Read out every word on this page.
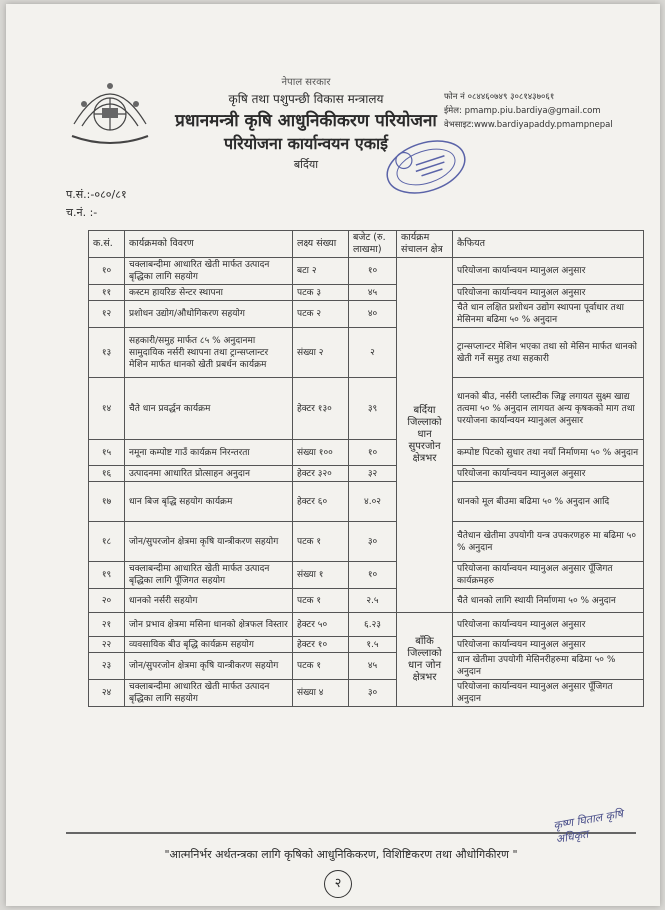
नेपाल सरकार
कृषि तथा पशुपन्छी विकास मन्त्रालय
प्रधानमन्त्री कृषि आधुनिकीकरण परियोजना
परियोजना कार्यान्वयन एकाई
बर्दिया
फोन नं ०८४४६०७४९ ३०८१४३७०६१
ईमेल: pmamp.piu.bardiya@gmail.com
वेभसाइट:www.bardiyapaddy.pmampnepal
प.सं.:-०८०/८१
च.नं. :-
क.सं.	कार्यक्रमको विवरण	लक्ष्य संख्या	बजेट (रु. लाखमा)	कार्यक्रम संचालन क्षेत्र	कैफियत
१०	चक्लाबन्दीमा आधारित खेती मार्फत उत्पादन बृद्धिका लागि सहयोग	बटा २	१०	बर्दिया जिल्लाको धान सुपरजोन क्षेत्रभर	परियोजना कार्यान्वयन म्यानुअल अनुसार
११	कस्टम हायरिङ सेन्टर स्थापना	पटक ३	४५		परियोजना कार्यान्वयन म्यानुअल अनुसार
१२	प्रशोधन उद्योग/औधोगिकरण सहयोग	पटक २	४०		चैते धान लक्षित प्रशोधन उद्योग स्थापना पूर्वाधार तथा मेसिनमा बढिमा ५० % अनुदान
१३	सहकारी/समुह मार्फत ८५ % अनुदानमा सामुदायिक नर्सरी स्थापना तथा ट्रान्सप्लान्टर मेशिन मार्फत धानको खेती प्रबर्धन कार्यक्रम	संख्या २	२		ट्रान्सप्लान्टर मेशिन भएका तथा सो मेसिन मार्फत धानको खेती गर्ने समुह तथा सहकारी
१४	चैते धान प्रवर्द्धन कार्यक्रम	हेक्टर १३०	३९		धानको बीउ, नर्सरी प्लास्टीक जिङ्क लगायत सुक्ष्म खाद्य तत्वमा ५० % अनुदान लागयत अन्य कृषकको माग तथा परयोजना कार्यान्वयन म्यानुअल अनुसार
१५	नमूना कम्पोष्ट गाउँ कार्यक्रम निरन्तरता	संख्या १००	१०		कम्पोष्ट पिटको सुधार तथा नयाँ निर्माणमा ५० % अनुदान
१६	उत्पादनमा आधारित प्रोत्साहन अनुदान	हेक्टर ३२०	३२		परियोजना कार्यान्वयन म्यानुअल अनुसार
१७	धान बिज बृद्धि सहयोग कार्यक्रम	हेक्टर ६०	४.०२		धानको मूल बीउमा बढिमा ५० % अनुदान आदि
१८	जोन/सुपरजोन क्षेत्रमा कृषि यान्त्रीकरण सहयोग	पटक १	३०		चैतेधान खेतीमा उपयोगी यन्त्र उपकरणहरु मा बढिमा ५० % अनुदान
१९	चक्लाबन्दीमा आधारित खेती मार्फत उत्पादन बृद्धिका लागि पूँजिगत सहयोग	संख्या १	१०		परियोजना कार्यान्वयन म्यानुअल अनुसार पूँजिगत कार्यक्रमहरु
२०	धानको नर्सरी सहयोग	पटक १	२.५		चैते धानको लागि स्थायी निर्माणमा ५० % अनुदान
२१	जोन प्रभाव क्षेत्रमा मसिना धानको क्षेत्रफल विस्तार	हेक्टर ५०	६.२३	बाँकि जिल्लाको धान जोन क्षेत्रभर	परियोजना कार्यान्वयन म्यानुअल अनुसार
२२	व्यवसायिक बीउ बृद्धि कार्यक्रम सहयोग	हेक्टर १०	१.५		परियोजना कार्यान्वयन म्यानुअल अनुसार
२३	जोन/सुपरजोन क्षेत्रमा कृषि यान्त्रीकरण सहयोग	पटक १	४५		धान खेतीमा उपयोगी मेसिनरीहरुमा बढिमा ५० % अनुदान
२४	चक्लाबन्दीमा आधारित खेती मार्फत उत्पादन बृद्धिका लागि सहयोग	संख्या ४	३०		परियोजना कार्यान्वयन म्यानुअल अनुसार पूँजिगत अनुदान
"आत्मनिर्भर अर्थतन्त्रका लागि कृषिको आधुनिकिकरण, विशिष्टिकरण तथा औधोगिकीरण "
२
कृष्ण घिताल कृषि अधिकृत
